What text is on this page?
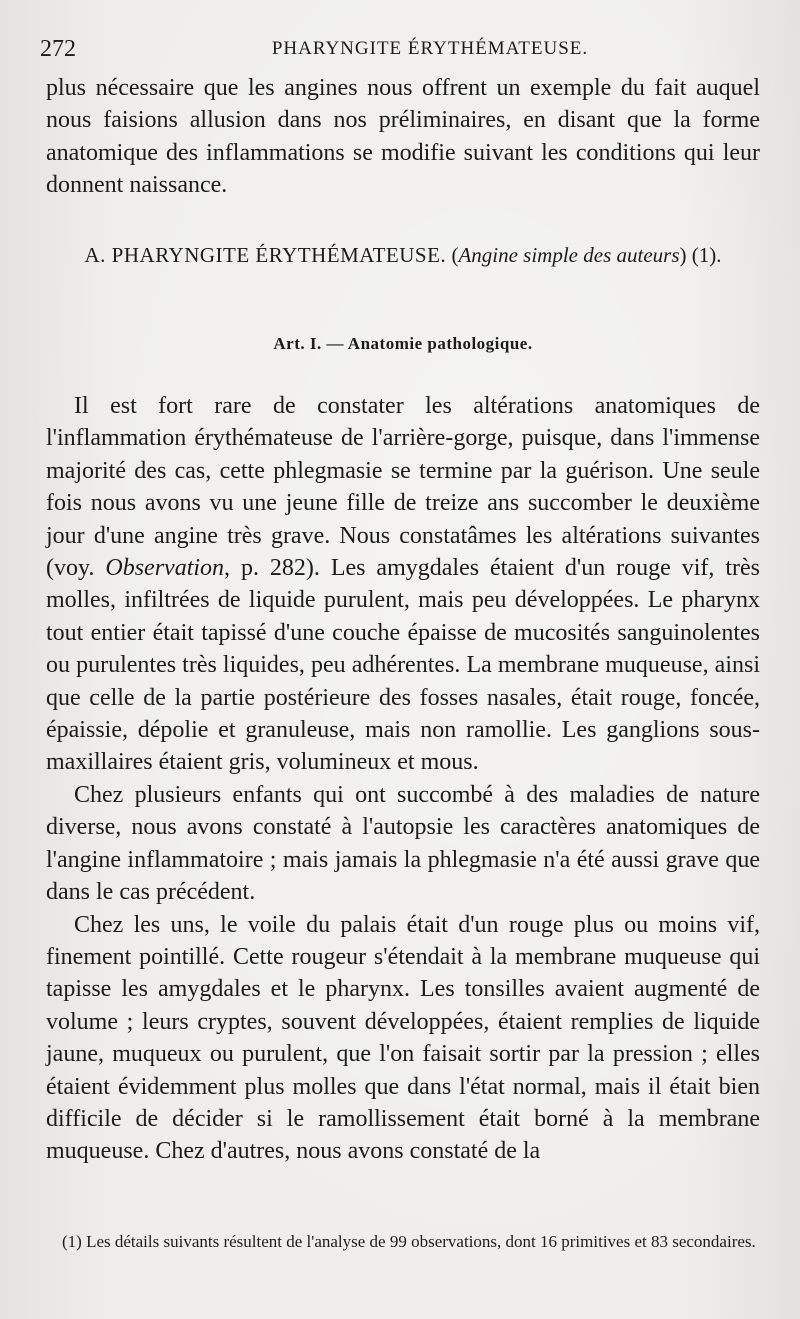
272	PHARYNGITE ÉRYTHÉMATEUSE.

plus nécessaire que les angines nous offrent un exemple du fait auquel nous faisions allusion dans nos préliminaires, en disant que la forme anatomique des inflammations se modifie suivant les conditions qui leur donnent naissance.

A. PHARYNGITE ÉRYTHÉMATEUSE. (Angine simple des auteurs) (1).
Art. I. — Anatomie pathologique.

Il est fort rare de constater les altérations anatomiques de l'inflammation érythémateuse de l'arrière-gorge, puisque, dans l'immense majorité des cas, cette phlegmasie se termine par la guérison. Une seule fois nous avons vu une jeune fille de treize ans succomber le deuxième jour d'une angine très grave. Nous constatâmes les altérations suivantes (voy. Observation, p. 282). Les amygdales étaient d'un rouge vif, très molles, infiltrées de liquide purulent, mais peu développées. Le pharynx tout entier était tapissé d'une couche épaisse de mucosités sanguinolentes ou purulentes très liquides, peu adhérentes. La membrane muqueuse, ainsi que celle de la partie postérieure des fosses nasales, était rouge, foncée, épaissie, dépolie et granuleuse, mais non ramollie. Les ganglions sous-maxillaires étaient gris, volumineux et mous.

Chez plusieurs enfants qui ont succombé à des maladies de nature diverse, nous avons constaté à l'autopsie les caractères anatomiques de l'angine inflammatoire ; mais jamais la phlegmasie n'a été aussi grave que dans le cas précédent.

Chez les uns, le voile du palais était d'un rouge plus ou moins vif, finement pointillé. Cette rougeur s'étendait à la membrane muqueuse qui tapisse les amygdales et le pharynx. Les tonsilles avaient augmenté de volume ; leurs cryptes, souvent développées, étaient remplies de liquide jaune, muqueux ou purulent, que l'on faisait sortir par la pression ; elles étaient évidemment plus molles que dans l'état normal, mais il était bien difficile de décider si le ramollissement était borné à la membrane muqueuse. Chez d'autres, nous avons constaté de la

(1) Les détails suivants résultent de l'analyse de 99 observations, dont 16 primitives et 83 secondaires.
